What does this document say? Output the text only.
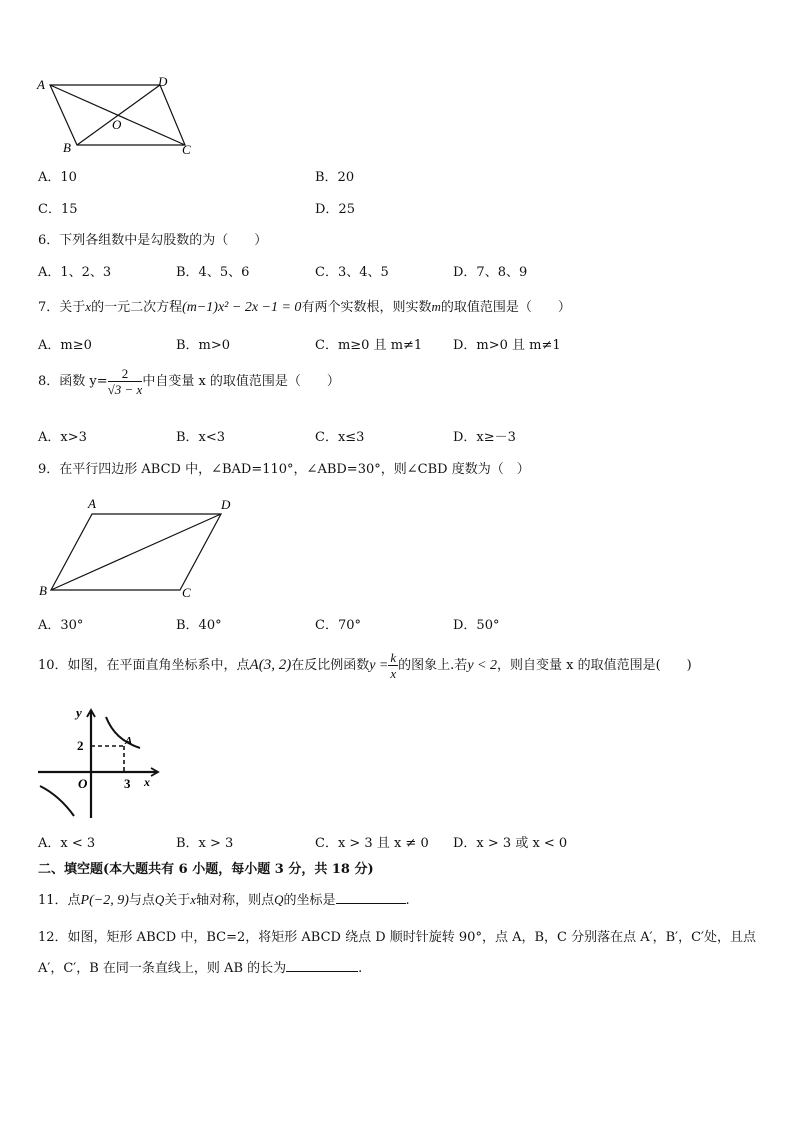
A	D
O
B	C
A．10	B．20
C．15	D．25
6．下列各组数中是勾股数的为（　　）
A．1、2、3	B．4、5、6	C．3、4、5	D．7、8、9
7．关于x的一元二次方程(m−1)x² − 2x −1 = 0有两个实数根，则实数m的取值范围是（　　）
A．m≥0	B．m>0	C．m≥0 且 m≠1 D．m>0 且 m≠1
8．函数 $y= \frac{2}{√3 - x}$ 中自变量 x 的取值范围是（　　）
A．x>3	B．x<3	C．x≤3	D．x≥－3
9．在平行四边形 ABCD 中，∠BAD=110°，∠ABD=30°，则∠CBD 度数为（　）
A	D
B	C
A．30°	B．40°	C．70°	D．50°
10．如图，在平面直角坐标系中，点A(3, 2)在反比例函数$y = \frac{k}{x}$ 的图象上.若y < 2，则自变量 x 的取值范围是(　　)
y
2	A
O	3 x
A．x < 3	B．x > 3	C．x > 3 且 x ≠ 0 D．x > 3 或 x < 0
二、填空题(本大题共有 6 小题，每小题 3 分，共 18 分)
11．点P(−2, 9)与点Q关于x轴对称，则点Q的坐标是	.
12．如图，矩形 ABCD 中，BC=2，将矩形 ABCD 绕点 D 顺时针旋转 90°，点 A，B，C 分别落在点 A′，B′，C′处，且点
A′，C′，B 在同一条直线上，则 AB 的长为	.
